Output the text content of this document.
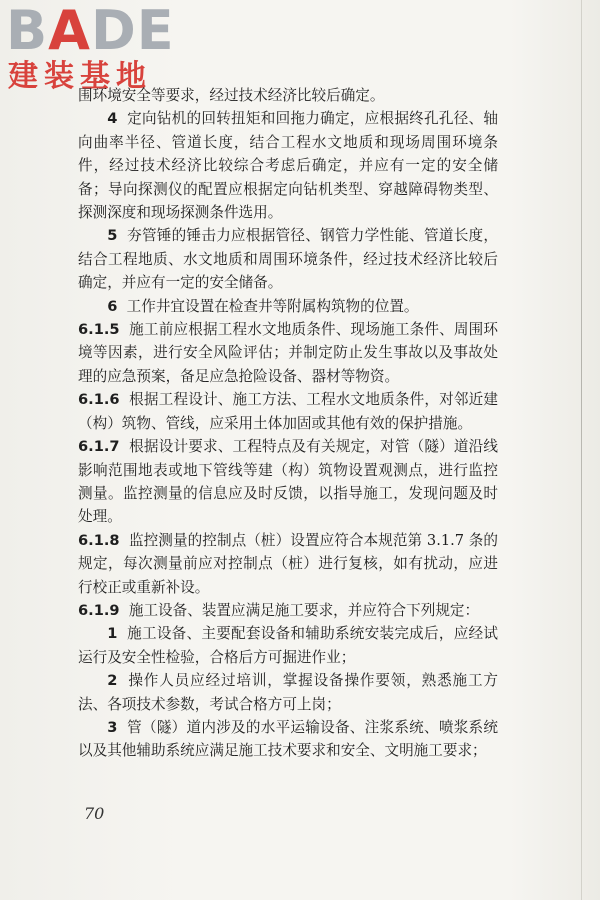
BADE
建装基地

围环境安全等要求，经过技术经济比较后确定。

4 定向钻机的回转扭矩和回拖力确定，应根据终孔孔径、轴向曲率半径、管道长度，结合工程水文地质和现场周围环境条件，经过技术经济比较综合考虑后确定，并应有一定的安全储备；导向探测仪的配置应根据定向钻机类型、穿越障碍物类型、探测深度和现场探测条件选用。

5 夯管锤的锤击力应根据管径、钢管力学性能、管道长度，结合工程地质、水文地质和周围环境条件，经过技术经济比较后确定，并应有一定的安全储备。

6 工作井宜设置在检查井等附属构筑物的位置。

6.1.5 施工前应根据工程水文地质条件、现场施工条件、周围环境等因素，进行安全风险评估；并制定防止发生事故以及事故处理的应急预案，备足应急抢险设备、器材等物资。

6.1.6 根据工程设计、施工方法、工程水文地质条件，对邻近建（构）筑物、管线，应采用土体加固或其他有效的保护措施。

6.1.7 根据设计要求、工程特点及有关规定，对管（隧）道沿线影响范围地表或地下管线等建（构）筑物设置观测点，进行监控测量。监控测量的信息应及时反馈，以指导施工，发现问题及时处理。

6.1.8 监控测量的控制点（桩）设置应符合本规范第 3.1.7 条的规定，每次测量前应对控制点（桩）进行复核，如有扰动，应进行校正或重新补设。

6.1.9 施工设备、装置应满足施工要求，并应符合下列规定：

1 施工设备、主要配套设备和辅助系统安装完成后，应经试运行及安全性检验，合格后方可掘进作业；

2 操作人员应经过培训，掌握设备操作要领，熟悉施工方法、各项技术参数，考试合格方可上岗；

3 管（隧）道内涉及的水平运输设备、注浆系统、喷浆系统以及其他辅助系统应满足施工技术要求和安全、文明施工要求；

70
